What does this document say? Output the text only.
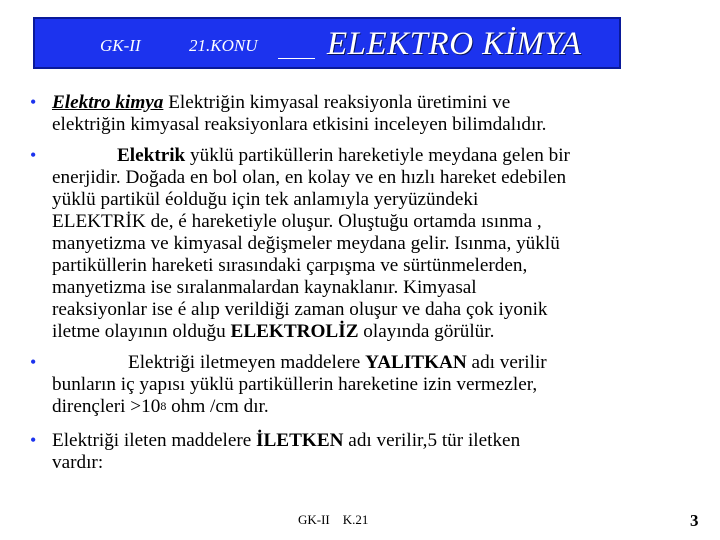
GK-II	21.KONU ELEKTRO KİMYA
• Elektro kimya Elektriğin kimyasal reaksiyonla üretimini ve
elektriğin kimyasal reaksiyonlara etkisini inceleyen bilimdalıdır.
•	Elektrik yüklü partiküllerin hareketiyle meydana gelen bir
enerjidir. Doğada en bol olan, en kolay ve en hızlı hareket edebilen
yüklü partikül éolduğu için tek anlamıyla yeryüzündeki
ELEKTRİK de, é hareketiyle oluşur. Oluştuğu ortamda ısınma ,
manyetizma ve kimyasal değişmeler meydana gelir. Isınma, yüklü
partiküllerin hareketi sırasındaki çarpışma ve sürtünmelerden,
manyetizma ise sıralanmalardan kaynaklanır. Kimyasal
reaksiyonlar ise é alıp verildiği zaman oluşur ve daha çok iyonik
iletme olayının olduğu ELEKTROLİZ olayında görülür.
•	Elektriği iletmeyen maddelere YALITKAN adı verilir
bunların iç yapısı yüklü partiküllerin hareketine izin vermezler,
dirençleri $>10^8$ ohm /cm dır.
• Elektriği ileten maddelere İLETKEN adı verilir,5 tür iletken
vardır:
GK-II    K.21	3
